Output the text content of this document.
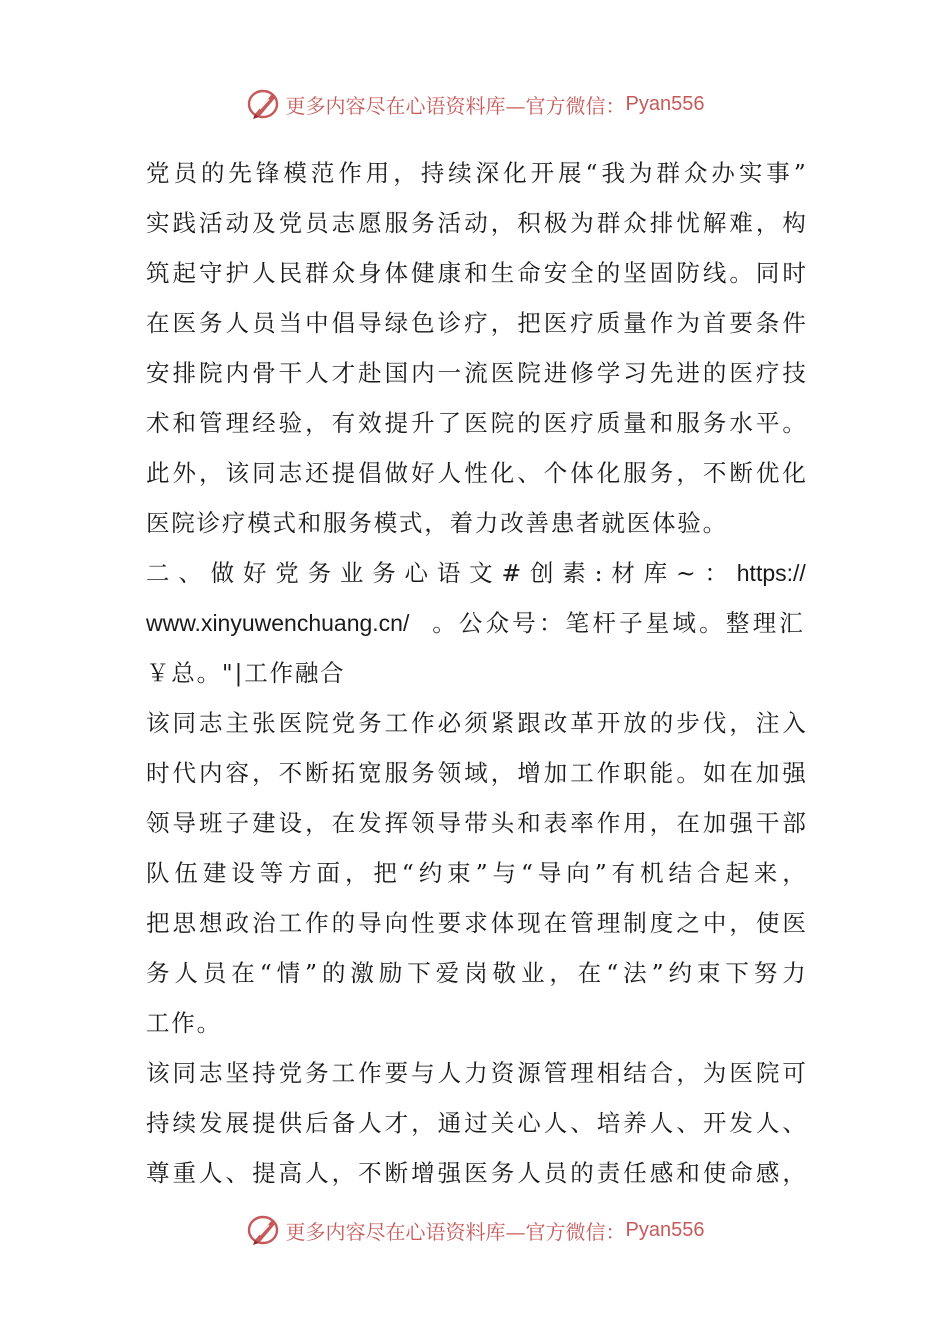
更多内容尽在心语资料库—官方微信： Pyan556
党 员 的 先 锋 模 范 作 用 ， 持 续 深 化 开 展 “ 我 为 群 众 办 实 事 ”
实 践 活 动 及 党 员 志 愿 服 务 活 动 ， 积 极 为 群 众 排 忧 解 难 ， 构
筑 起 守 护 人 民 群 众 身 体 健 康 和 生 命 安 全 的 坚 固 防 线 。 同 时
在 医 务 人 员 当 中 倡 导 绿 色 诊 疗 ， 把 医 疗 质 量 作 为 首 要 条 件
安 排 院 内 骨 干 人 才 赴 国 内 一 流 医 院 进 修 学 习 先 进 的 医 疗 技
术 和 管 理 经 验 ， 有 效 提 升 了 医 院 的 医 疗 质 量 和 服 务 水 平 。
此 外 ， 该 同 志 还 提 倡 做 好 人 性 化 、 个 体 化 服 务 ， 不 断 优 化
医院诊疗模式和服务模式，着力改善患者就医体验。
二 、 做 好 党 务 业 务 心 语 文 # 创 素 : 材 库 ~ ： https://
www.xinyuwenchuang.cn/ 。公众号：笔杆子星域。整理汇
￥总。"|工作融合
该 同 志 主 张 医 院 党 务 工 作 必 须 紧 跟 改 革 开 放 的 步 伐 ， 注 入
时 代 内 容 ， 不 断 拓 宽 服 务 领 域 ， 增 加 工 作 职 能 。 如 在 加 强
领 导 班 子 建 设 ， 在 发 挥 领 导 带 头 和 表 率 作 用 ， 在 加 强 干 部
队 伍 建 设 等 方 面 ， 把 “ 约 束 ” 与 “ 导 向 ” 有 机 结 合 起 来 ，
把 思 想 政 治 工 作 的 导 向 性 要 求 体 现 在 管 理 制 度 之 中 ， 使 医
务 人 员 在 “ 情 ” 的 激 励 下 爱 岗 敬 业 ， 在 “ 法 ” 约 束 下 努 力
工作。
该 同 志 坚 持 党 务 工 作 要 与 人 力 资 源 管 理 相 结 合 ， 为 医 院 可
持 续 发 展 提 供 后 备 人 才 ， 通 过 关 心 人 、 培 养 人 、 开 发 人 、
尊 重 人 、 提 高 人 ， 不 断 增 强 医 务 人 员 的 责 任 感 和 使 命 感 ，
更多内容尽在心语资料库—官方微信： Pyan556
